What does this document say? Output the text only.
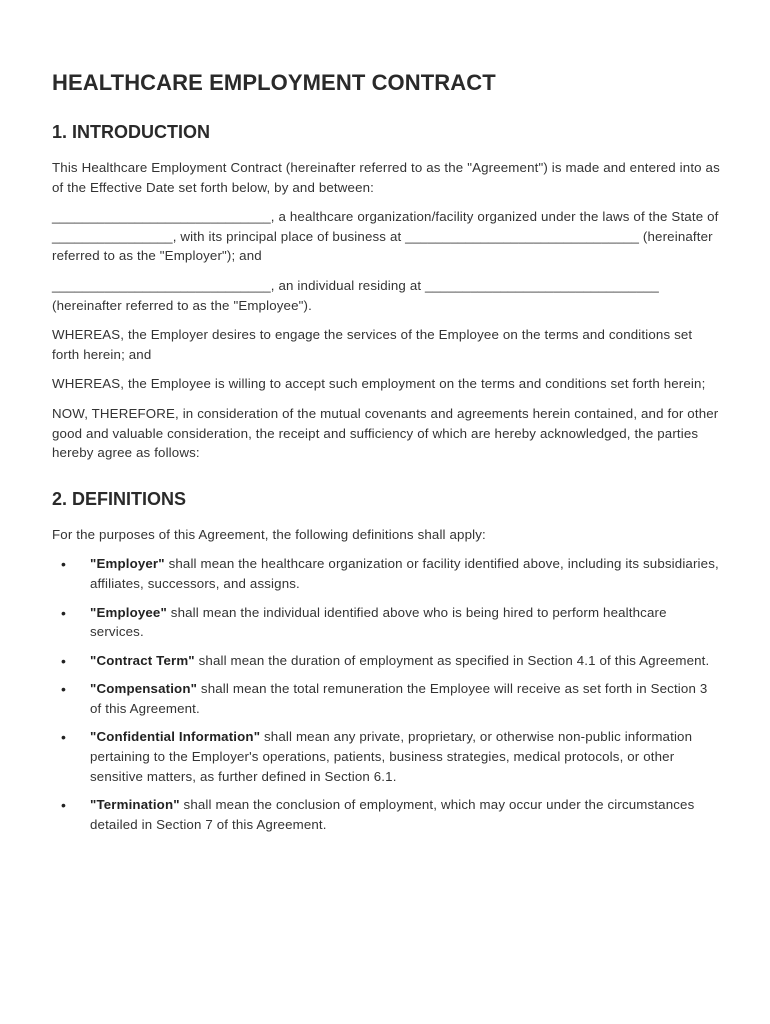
HEALTHCARE EMPLOYMENT CONTRACT
1. INTRODUCTION

This Healthcare Employment Contract (hereinafter referred to as the "Agreement") is made and entered into as of the Effective Date set forth below, by and between:

_____________________________, a healthcare organization/facility organized under the laws of the State of ________________, with its principal place of business at _______________________________ (hereinafter referred to as the "Employer"); and

_____________________________, an individual residing at _______________________________ (hereinafter referred to as the "Employee").

WHEREAS, the Employer desires to engage the services of the Employee on the terms and conditions set forth herein; and

WHEREAS, the Employee is willing to accept such employment on the terms and conditions set forth herein;

NOW, THEREFORE, in consideration of the mutual covenants and agreements herein contained, and for other good and valuable consideration, the receipt and sufficiency of which are hereby acknowledged, the parties hereby agree as follows:

2. DEFINITIONS

For the purposes of this Agreement, the following definitions shall apply:

• "Employer" shall mean the healthcare organization or facility identified above, including its subsidiaries, affiliates, successors, and assigns.
• "Employee" shall mean the individual identified above who is being hired to perform healthcare services.
• "Contract Term" shall mean the duration of employment as specified in Section 4.1 of this Agreement.
• "Compensation" shall mean the total remuneration the Employee will receive as set forth in Section 3 of this Agreement.
• "Confidential Information" shall mean any private, proprietary, or otherwise non-public information pertaining to the Employer's operations, patients, business strategies, medical protocols, or other sensitive matters, as further defined in Section 6.1.
• "Termination" shall mean the conclusion of employment, which may occur under the circumstances detailed in Section 7 of this Agreement.
